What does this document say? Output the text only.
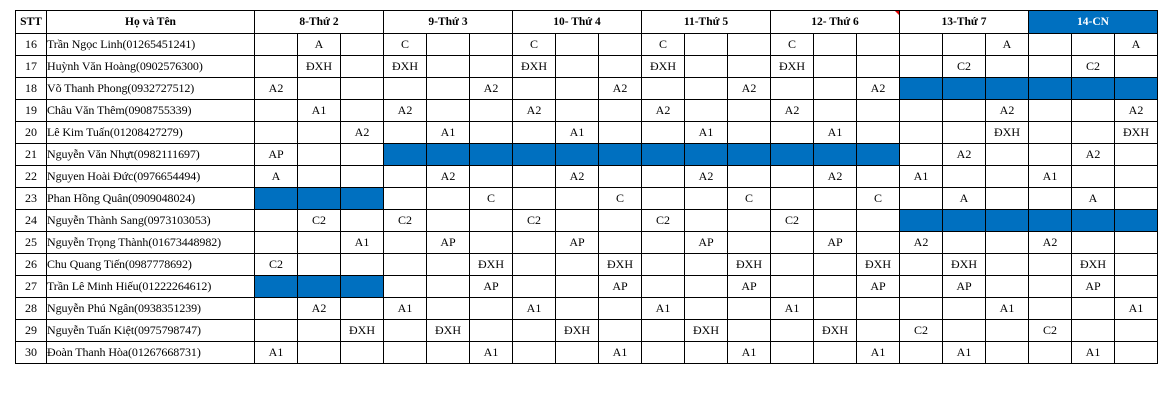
STT	Họ và Tên	8-Thứ 2			9-Thứ 3			10- Thứ 4			11-Thứ 5			12- Thứ 6			13-Thứ 7			14-CN		
16	Trần Ngọc Linh(01265451241)		A		C			C			C			C					A			A
17	Huỳnh Văn Hoàng(0902576300)		ĐXH		ĐXH			ĐXH			ĐXH			ĐXH				C2			C2	
18	Võ Thanh Phong(0932727512)	A2					A2			A2			A2			A2						
19	Châu Văn Thêm(0908755339)		A1		A2			A2			A2			A2					A2			A2
20	Lê Kim Tuấn(01208427279)			A2		A1			A1			A1			A1				ĐXH			ĐXH
21	Nguyễn Văn Nhựt(0982111697)	AP																A2			A2	
22	Nguyen Hoài Đức(0976654494)	A				A2			A2			A2			A2		A1			A1		
23	Phan Hồng Quân(0909048024)						C			C			C			C		A			A	
24	Nguyễn Thành Sang(0973103053)		C2		C2			C2			C2			C2								
25	Nguyễn Trọng Thành(01673448982)			A1		AP			AP			AP			AP		A2			A2		
26	Chu Quang Tiến(0987778692)	C2					ĐXH			ĐXH			ĐXH			ĐXH		ĐXH			ĐXH	
27	Trần Lê Minh Hiếu(01222264612)						AP			AP			AP			AP		AP			AP	
28	Nguyễn Phú Ngân(0938351239)		A2		A1			A1			A1			A1					A1			A1
29	Nguyễn Tuấn Kiệt(0975798747)			ĐXH		ĐXH			ĐXH			ĐXH			ĐXH		C2			C2		
30	Đoàn Thanh Hòa(01267668731)	A1					A1			A1			A1			A1		A1			A1	
